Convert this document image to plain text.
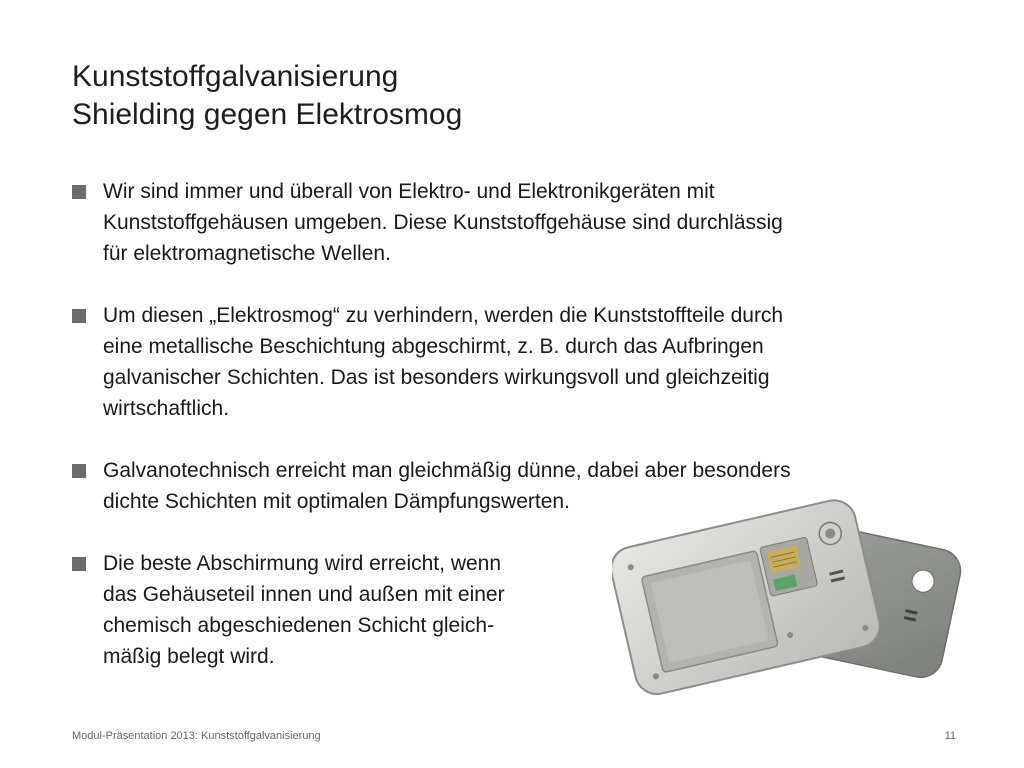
Kunststoffgalvanisierung
Shielding gegen Elektrosmog
Wir sind immer und überall von Elektro- und Elektronikgeräten mit
Kunststoffgehäusen umgeben. Diese Kunststoffgehäuse sind durchlässig
für elektromagnetische Wellen.
Um diesen „Elektrosmog“ zu verhindern, werden die Kunststoffteile durch
eine metallische Beschichtung abgeschirmt, z. B. durch das Aufbringen
galvanischer Schichten. Das ist besonders wirkungsvoll und gleichzeitig
wirtschaftlich.
Galvanotechnisch erreicht man gleichmäßig dünne, dabei aber besonders
dichte Schichten mit optimalen Dämpfungswerten.
Die beste Abschirmung wird erreicht, wenn
das Gehäuseteil innen und außen mit einer
chemisch abgeschiedenen Schicht gleich-
mäßig belegt wird.
Modul-Präsentation 2013: Kunststoffgalvanisierung	11
